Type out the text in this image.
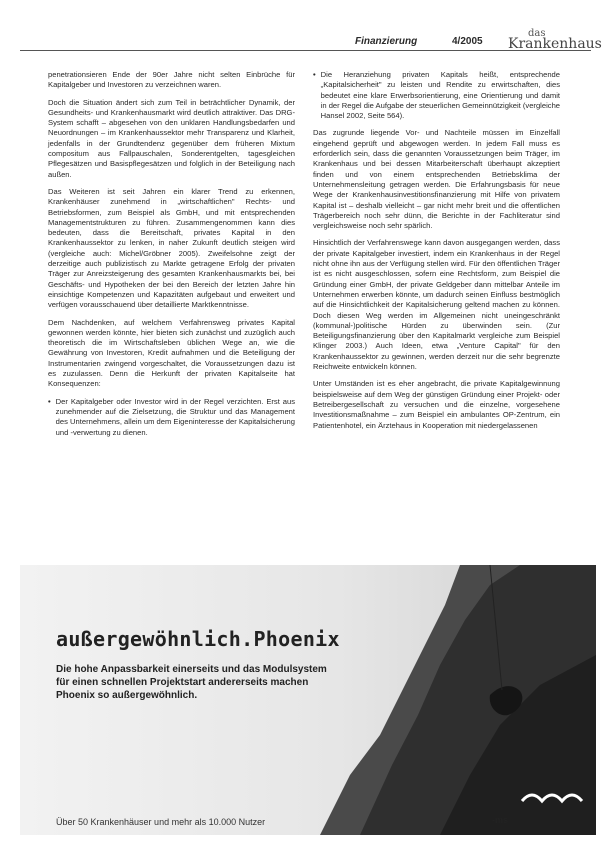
Finanzierung	4/2005
das
Krankenhaus

penetrationsieren Ende der 90er Jahre nicht selten Einbrüche für Kapitalgeber und Investoren zu verzeichnen waren.

Doch die Situation ändert sich zum Teil in beträchtlicher Dynamik, der Gesundheits- und Krankenhausmarkt wird deutlich attraktiver. Das DRG-System schafft – abgesehen von den unklaren Handlungsbedarfen und Neuordnungen – im Krankenhaussektor mehr Transparenz und Klarheit, jedenfalls in der Grundtendenz gegenüber dem früheren Mixtum compositum aus Fallpauschalen, Sonderentgelten, tagesgleichen Pflegesätzen und Basispflegesätzen und folglich in der Beteiligung nach außen.

Das Weiteren ist seit Jahren ein klarer Trend zu erkennen, Krankenhäuser zunehmend in „wirtschaftlichen" Rechts- und Betriebsformen, zum Beispiel als GmbH, und mit entsprechenden Managementstrukturen zu führen. Zusammengenommen kann dies bedeuten, dass die Bereitschaft, privates Kapital in den Krankenhaussektor zu lenken, in naher Zukunft deutlich steigen wird (vergleiche auch: Michel/Gröbner 2005). Zweifelsohne zeigt der derzeitige auch publizistisch zu Markte getragene Erfolg der privaten Träger zur Anreizsteigerung des gesamten Krankenhausmarkts bei, bei Geschäfts- und Hypotheken der bei den Bereich der letzten Jahre hin einsichtige Kompetenzen und Kapazitäten aufgebaut und erweitert und verfügen vorausschauend über detaillierte Marktkenntnisse.

Dem Nachdenken, auf welchem Verfahrensweg privates Kapital gewonnen werden könnte, hier bieten sich zunächst und zuzüglich auch theoretisch die im Wirtschaftsleben üblichen Wege an, wie die Gewährung von Investoren, Kredit aufnahmen und die Beteiligung der Instrumentarien zwingend vorgeschaltet, die Voraussetzungen dazu ist es zuzulassen. Denn die Herkunft der privaten Kapitalseite hat Konsequenzen:

• Der Kapitalgeber oder Investor wird in der Regel verzichten. Erst aus zunehmender auf die Zielsetzung, die Struktur und das Management des Unternehmens, allein um dem Eigeninteresse der Kapitalsicherung und -verwertung zu dienen.

• Die Heranziehung privaten Kapitals heißt, entsprechende „Kapitalsicherheit" zu leisten und Rendite zu erwirtschaften, dies bedeutet eine klare Erwerbsorientierung, eine Orientierung und damit in der Regel die Aufgabe der steuerlichen Gemeinnützigkeit (vergleiche Hansel 2002, Seite 564).

Das zugrunde liegende Vor- und Nachteile müssen im Einzelfall eingehend geprüft und abgewogen werden. In jedem Fall muss es erforderlich sein, dass die genannten Voraussetzungen beim Träger, im Krankenhaus und bei dessen Mitarbeiterschaft überhaupt akzeptiert finden und von einem entsprechenden Betriebsklima der Unternehmensleitung getragen werden. Die Erfahrungsbasis für neue Wege der Krankenhausinvestitionsfinanzierung mit Hilfe von privatem Kapital ist – deshalb vielleicht – gar nicht mehr breit und die offentlichen Trägerbereich noch sehr dünn, die Berichte in der Fachliteratur sind vergleichsweise noch sehr spärlich.

Hinsichtlich der Verfahrenswege kann davon ausgegangen werden, dass der private Kapitalgeber investiert, indem ein Krankenhaus in der Regel nicht ohne ihn aus der Verfügung stellen wird. Für den öffentlichen Träger ist es nicht ausgeschlossen, sofern eine Rechtsform, zum Beispiel die Gründung einer GmbH, der private Geldgeber dann mittelbar Anteile im Unternehmen erwerben könnte, um dadurch seinen Einfluss bestmöglich auf die Hinsichtlichkeit der Kapitalsicherung geltend machen zu können. Doch diesen Weg werden im Allgemeinen nicht uneingeschränkt (kommunal-)politische Hürden zu überwinden sein. (Zur Beteiligungsfinanzierung über den Kapitalmarkt vergleiche zum Beispiel Klinger 2003.) Auch Ideen, etwa „Venture Capital" für den Krankenhaussektor zu gewinnen, werden derzeit nur die sehr begrenzte Reichweite entwickeln können.

Unter Umständen ist es eher angebracht, die private Kapitalgewinnung beispielsweise auf dem Weg der günstigen Gründung einer Projekt- oder Betreibergesellschaft zu versuchen und die einzelne, vorgesehene Investitionsmaßnahme – zum Beispiel ein ambulantes OP-Zentrum, ein Patientenhotel, ein Ärztehaus in Kooperation mit niedergelassenen

außergewöhnlich.Phoenix
Die hohe Anpassbarkeit einerseits und das Modulsystem für einen schnellen Projektstart andererseits machen Phoenix so außergewöhnlich.
Über 50 Krankenhäuser und mehr als 10.000 Nutzer	-ms
